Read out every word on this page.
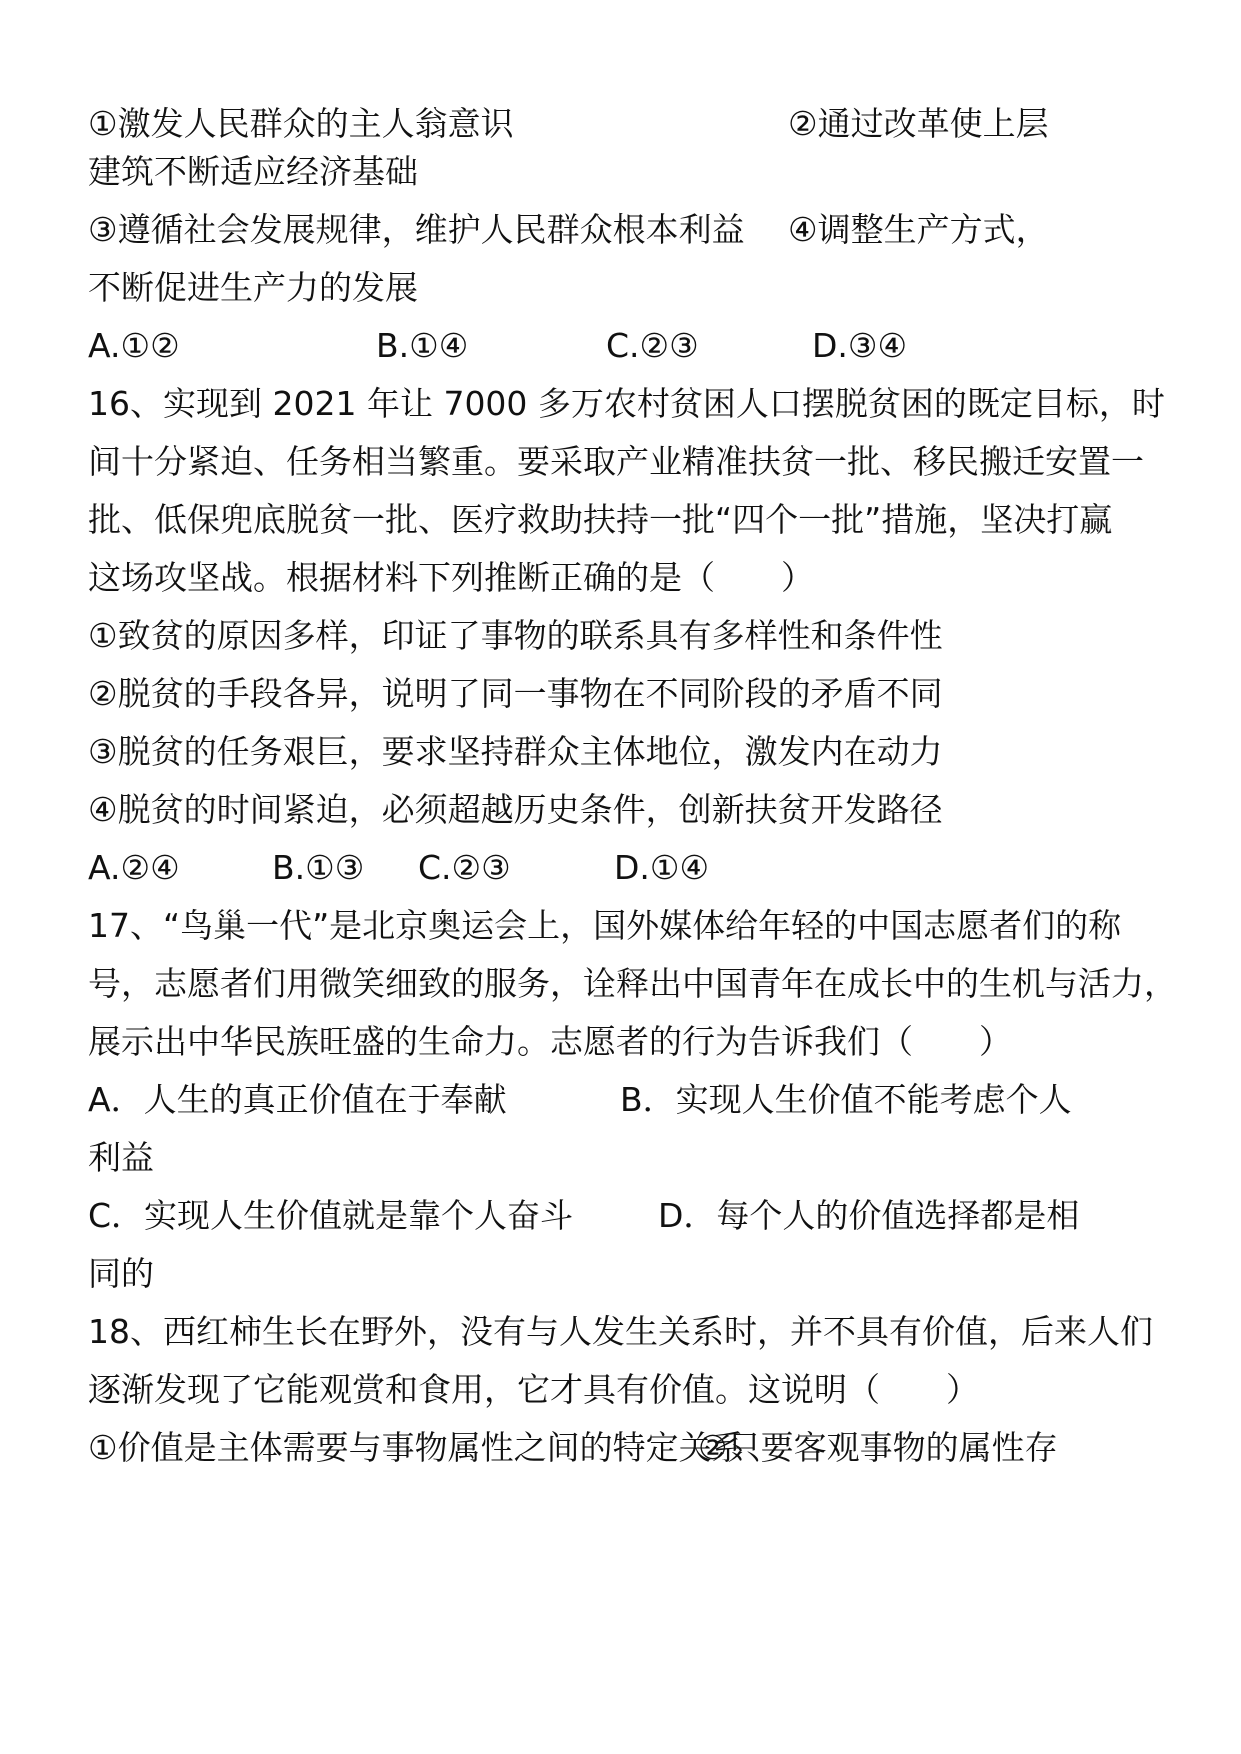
①激发人民群众的主人翁意识	②通过改革使上层
建筑不断适应经济基础
③遵循社会发展规律，维护人民群众根本利益 ④调整生产方式，
不断促进生产力的发展

A.①②

	B.①④

	C.②③

	D.③④

16、实现到 2021 年让 7000 多万农村贫困人口摆脱贫困的既定目标，时
间十分紧迫、任务相当繁重。要采取产业精准扶贫一批、移民搬迁安置一
批、低保兜底脱贫一批、医疗救助扶持一批“四个一批”措施，坚决打赢
这场攻坚战。根据材料下列推断正确的是（　　）
①致贫的原因多样，印证了事物的联系具有多样性和条件性
②脱贫的手段各异，说明了同一事物在不同阶段的矛盾不同
③脱贫的任务艰巨，要求坚持群众主体地位，激发内在动力
④脱贫的时间紧迫，必须超越历史条件，创新扶贫开发路径

A.②④

	B.①③

C.②③

	D.①④

17、“鸟巢一代”是北京奥运会上，国外媒体给年轻的中国志愿者们的称
号，志愿者们用微笑细致的服务，诠释出中国青年在成长中的生机与活力，
展示出中华民族旺盛的生命力。志愿者的行为告诉我们（　　）
A．人生的真正价值在于奉献	B．实现人生价值不能考虑个人
利益
C．实现人生价值就是靠个人奋斗	D．每个人的价值选择都是相
同的
18、西红柿生长在野外，没有与人发生关系时，并不具有价值，后来人们
逐渐发现了它能观赏和食用，它才具有价值。这说明（　　）
①价值是主体需要与事物属性之间的特定关系
②只要客观事物的属性存
